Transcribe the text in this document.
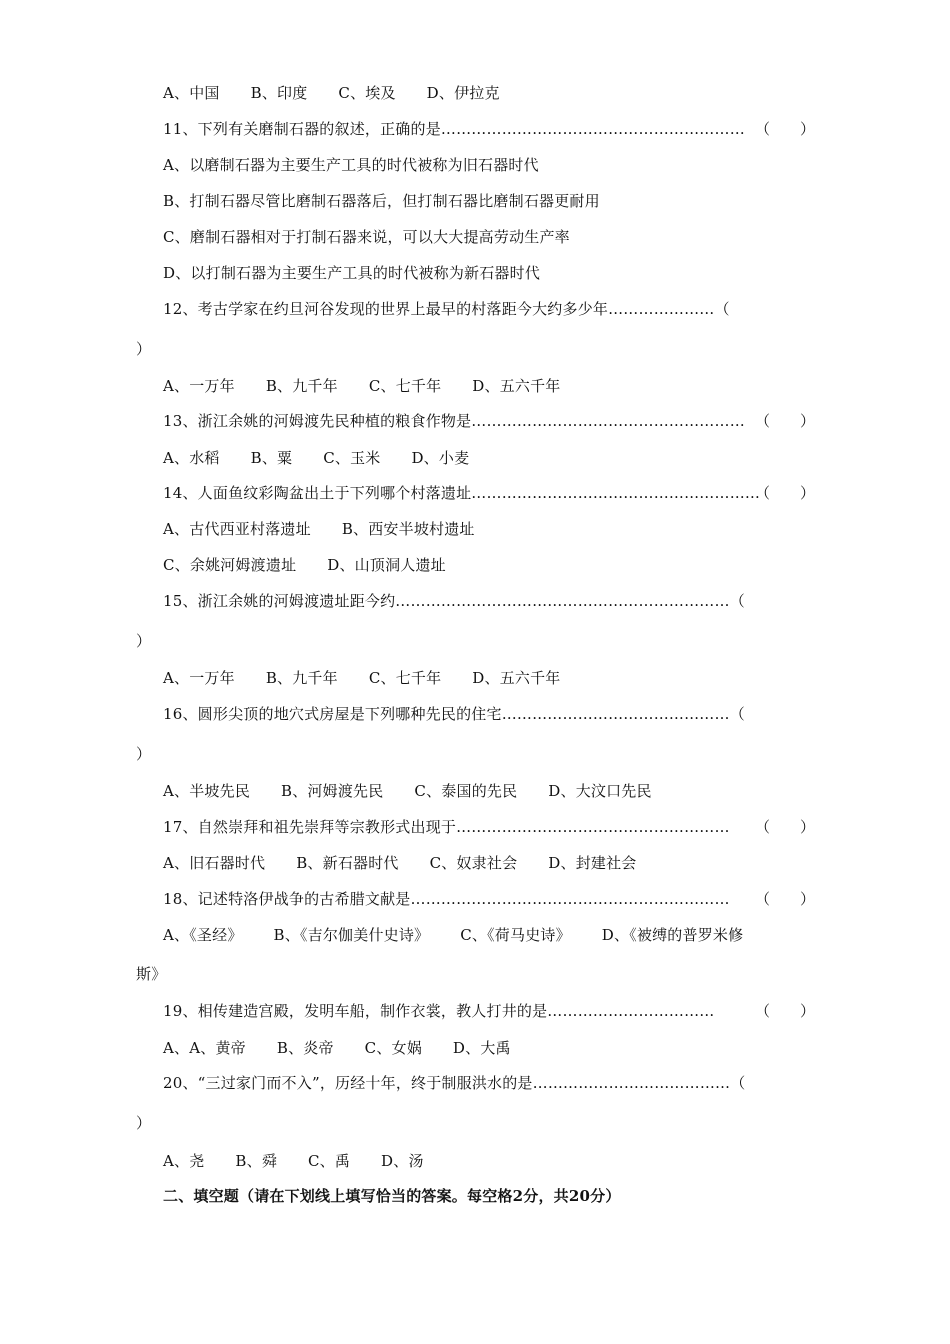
A、中国 B、印度 C、埃及 D、伊拉克
11、下列有关磨制石器的叙述，正确的是…………………………………………………… （　　）
A、以磨制石器为主要生产工具的时代被称为旧石器时代
B、打制石器尽管比磨制石器落后，但打制石器比磨制石器更耐用
C、磨制石器相对于打制石器来说，可以大大提高劳动生产率
D、以打制石器为主要生产工具的时代被称为新石器时代
12、考古学家在约旦河谷发现的世界上最早的村落距今大约多少年…………………（
）
A、一万年 B、九千年 C、七千年 D、五六千年
13、浙江余姚的河姆渡先民种植的粮食作物是……………………………………………… （　　）
A、水稻 B、粟 C、玉米 D、小麦
14、人面鱼纹彩陶盆出土于下列哪个村落遗址…………………………………………………
（　　）
A、古代西亚村落遗址 B、西安半坡村遗址
C、余姚河姆渡遗址 D、山顶洞人遗址
15、浙江余姚的河姆渡遗址距今约…………………………………………………………（
）
A、一万年 B、九千年 C、七千年 D、五六千年
16、圆形尖顶的地穴式房屋是下列哪种先民的住宅………………………………………（
）
A、半坡先民 B、河姆渡先民 C、泰国的先民 D、大汶口先民
17、自然崇拜和祖先崇拜等宗教形式出现于……………………………………………… （　　）
A、旧石器时代 B、新石器时代 C、奴隶社会 D、封建社会
18、记述特洛伊战争的古希腊文献是……………………………………………………… （　　）
A、《圣经》 B、《吉尔伽美什史诗》 C、《荷马史诗》 D、《被缚的普罗米修
斯》
19、相传建造宫殿，发明车船，制作衣裳，教人打井的是……………………………	（　　）
A、A、黄帝 B、炎帝 C、女娲 D、大禹
20、“三过家门而不入”，历经十年，终于制服洪水的是…………………………………（
）
A、尧 B、舜 C、禹 D、汤
二、填空题（请在下划线上填写恰当的答案。每空格2分，共20分）
